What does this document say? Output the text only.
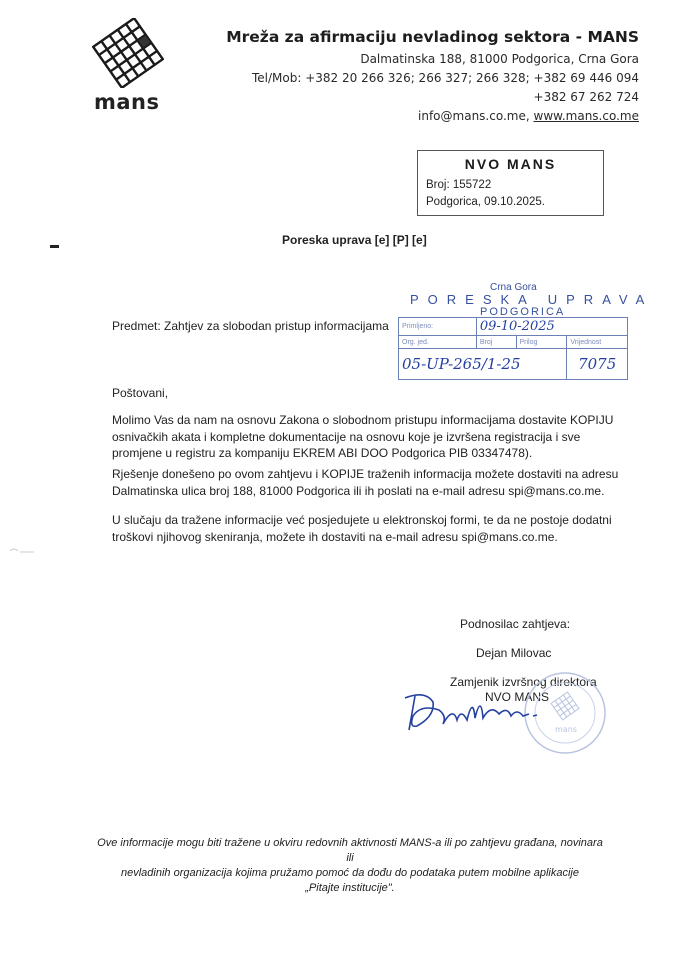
mans
Mreža za afirmaciju nevladinog sektora - MANS
Dalmatinska 188, 81000 Podgorica, Crna Gora
Tel/Mob: +382 20 266 326; 266 327; 266 328; +382 69 446 094
+382 67 262 724
info@mans.co.me, www.mans.co.me
NVO MANS
Broj: 155722
Podgorica, 09.10.2025.
Poreska uprava [e] [P] [e]
Crna Gora
PORESKA UPRAVA
PODGORICA
Primljeno:	09-10-2025		
Org. jed.	Broj	Prilog	Vrijednost
05-UP-265/1-25			7075
Predmet: Zahtjev za slobodan pristup informacijama
Poštovani,
Molimo Vas da nam na osnovu Zakona o slobodnom pristupu informacijama dostavite KOPIJU osnivačkih akata i kompletne dokumentacije na osnovu koje je izvršena registracija i sve promjene u registru za kompaniju EKREM ABI DOO Podgorica PIB 03347478).
Rješenje donešeno po ovom zahtjevu i KOPIJE traženih informacija možete dostaviti na adresu Dalmatinska ulica broj 188, 81000 Podgorica ili ih poslati na e-mail adresu spi@mans.co.me.
U slučaju da tražene informacije već posjedujete u elektronskoj formi, te da ne postoje dodatni troškovi njihovog skeniranja, možete ih dostaviti na e-mail adresu spi@mans.co.me.
Podnosilac zahtjeva:
Dejan Milovac
Zamjenik izvršnog direktora
NVO MANS
mans
Ove informacije mogu biti tražene u okviru redovnih aktivnosti MANS-a ili po zahtjevu građana, novinara ili
nevladinih organizacija kojima pružamo pomoć da dođu do podataka putem mobilne aplikacije
„Pitajte institucije".
